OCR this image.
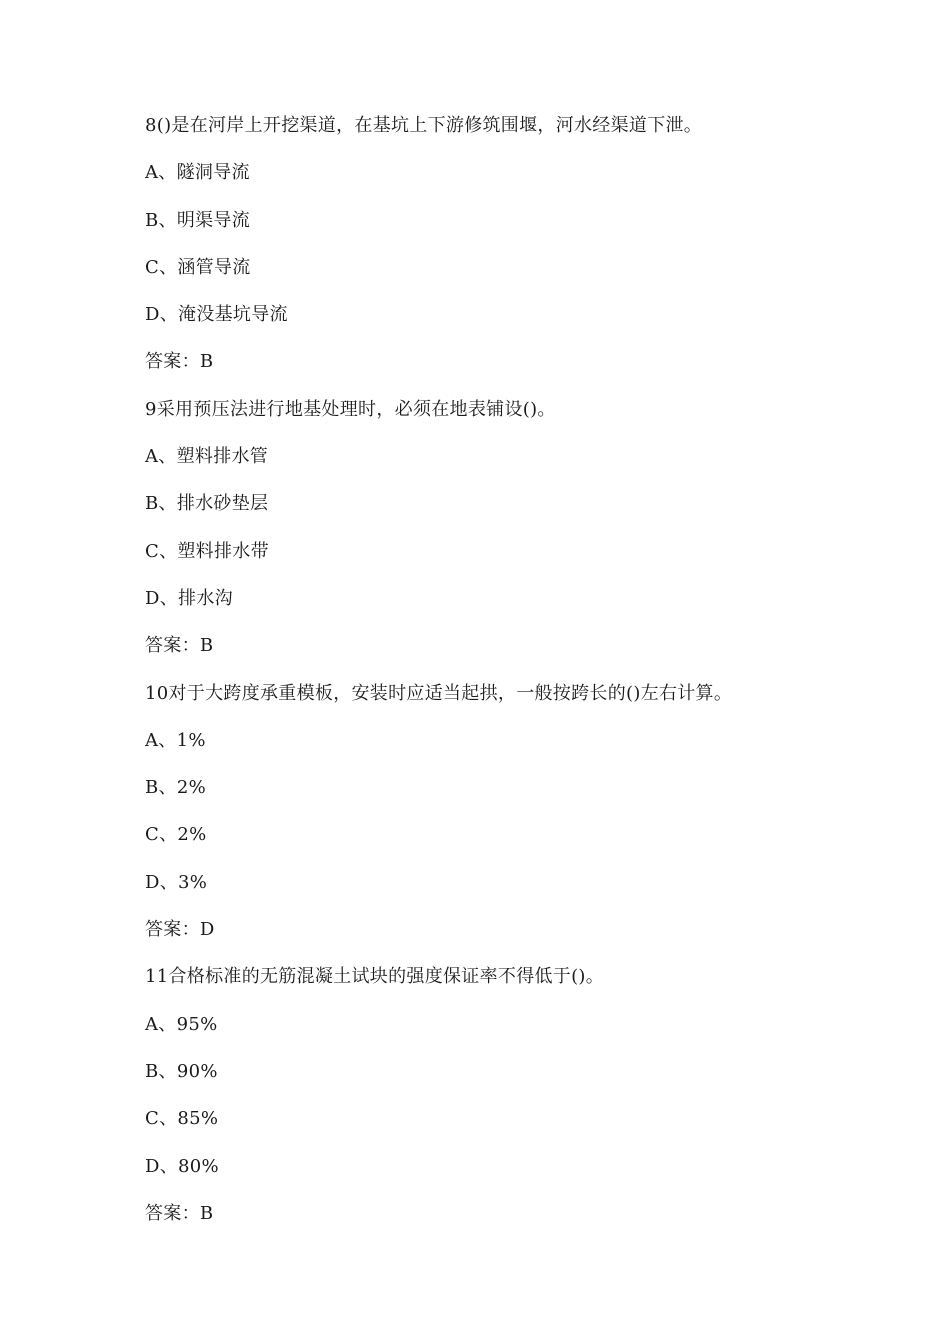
8()是在河岸上开挖渠道，在基坑上下游修筑围堰，河水经渠道下泄。
A、隧洞导流
B、明渠导流
C、涵管导流
D、淹没基坑导流
答案：B
9采用预压法进行地基处理时，必须在地表铺设()。
A、塑料排水管
B、排水砂垫层
C、塑料排水带
D、排水沟
答案：B
10对于大跨度承重模板，安装时应适当起拱，一般按跨长的()左右计算。
A、1%
B、2%
C、2%
D、3%
答案：D
11合格标准的无筋混凝土试块的强度保证率不得低于()。
A、95%
B、90%
C、85%
D、80%
答案：B
